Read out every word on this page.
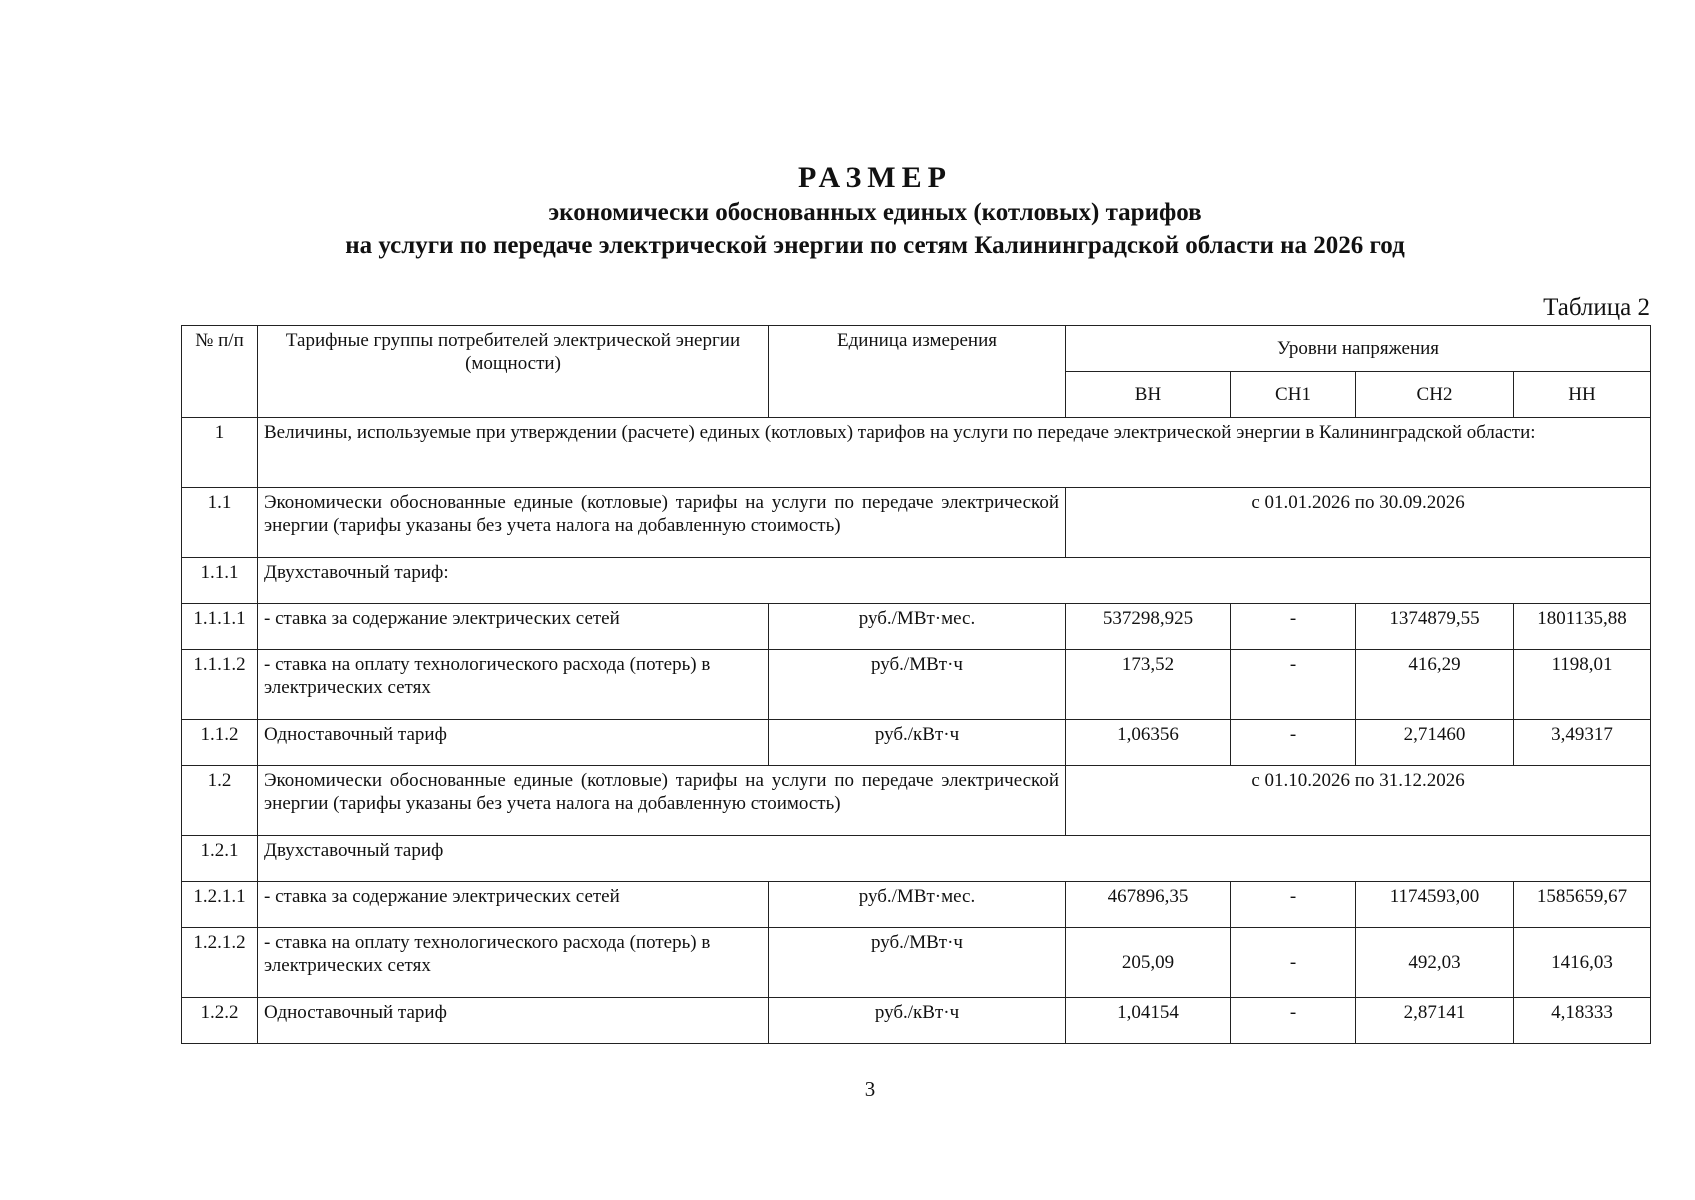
РАЗМЕР
экономически обоснованных единых (котловых) тарифов
на услуги по передаче электрической энергии по сетям Калининградской области на 2026 год
Таблица 2
№ п/п	Тарифные группы потребителей электрической энергии (мощности)	Единица измерения	Уровни напряжения			
			ВН	СН1	СН2	НН
1	Величины, используемые при утверждении (расчете) единых (котловых) тарифов на услуги по передаче электрической энергии в Калининградской области:					
1.1	Экономически обоснованные единые (котловые) тарифы на услуги по передаче электрической энергии (тарифы указаны без учета налога на добавленную стоимость)		с 01.01.2026 по 30.09.2026			
1.1.1	Двухставочный тариф:					
1.1.1.1	- ставка за содержание электрических сетей	руб./МВт·мес.	537298,925	-	1374879,55	1801135,88
1.1.1.2	- ставка на оплату технологического расхода (потерь) в электрических сетях	руб./МВт·ч	173,52	-	416,29	1198,01
1.1.2	Одноставочный тариф	руб./кВт·ч	1,06356	-	2,71460	3,49317
1.2	Экономически обоснованные единые (котловые) тарифы на услуги по передаче электрической энергии (тарифы указаны без учета налога на добавленную стоимость)		с 01.10.2026 по 31.12.2026			
1.2.1	Двухставочный тариф					
1.2.1.1	- ставка за содержание электрических сетей	руб./МВт·мес.	467896,35	-	1174593,00	1585659,67
1.2.1.2	- ставка на оплату технологического расхода (потерь) в электрических сетях	руб./МВт·ч	205,09	-	492,03	1416,03
1.2.2	Одноставочный тариф	руб./кВт·ч	1,04154	-	2,87141	4,18333
3
